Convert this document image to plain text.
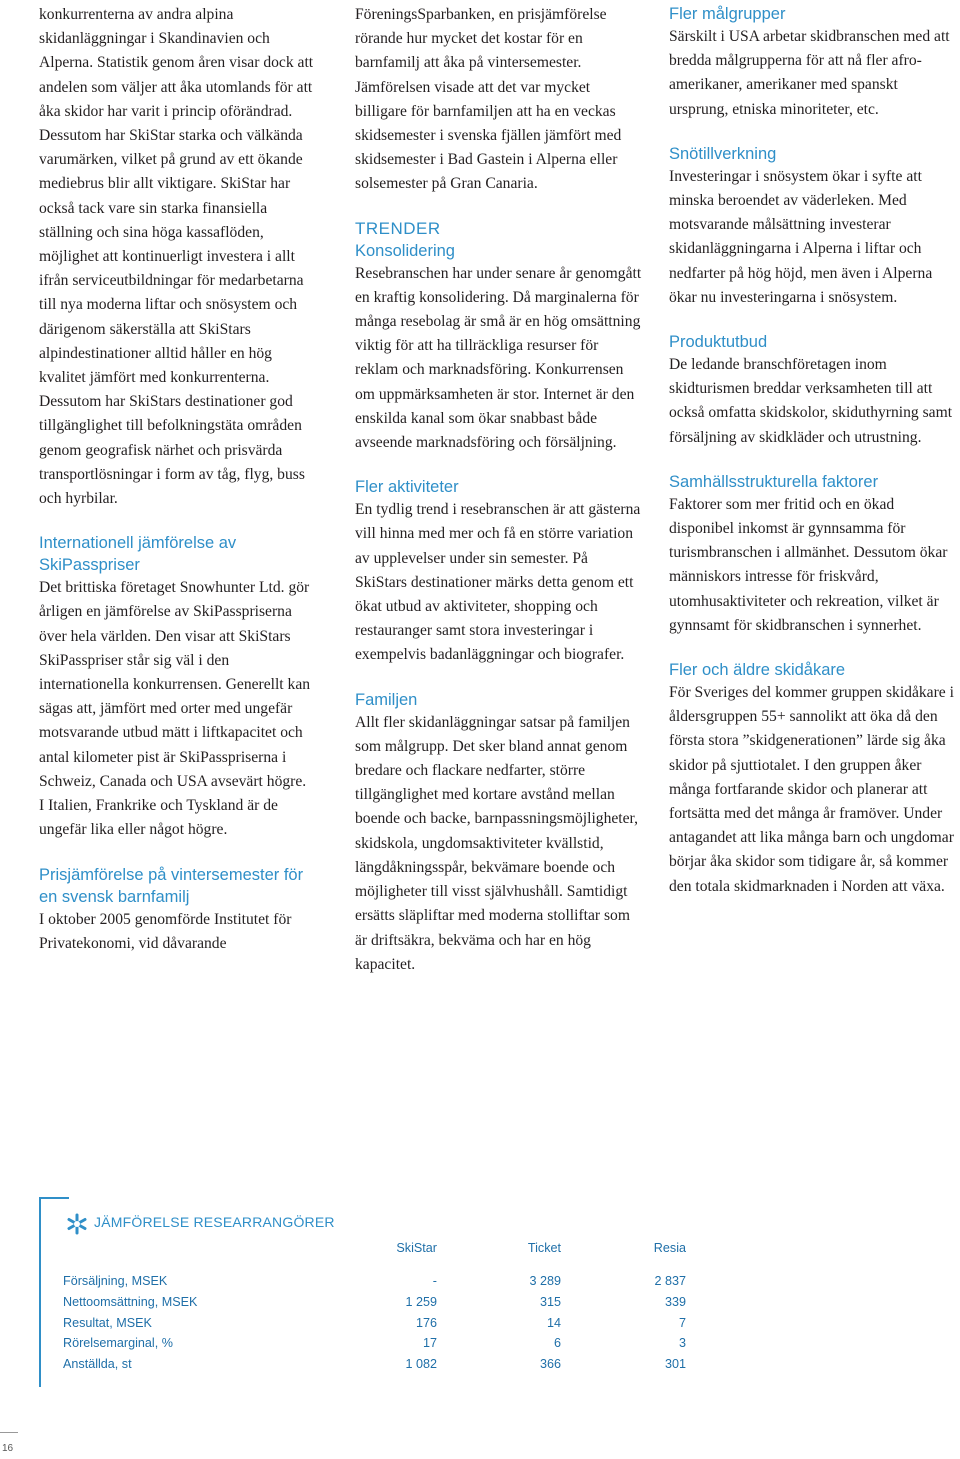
konkurrenterna av andra alpina skidanläggningar i Skandinavien och Alperna. Statistik genom åren visar dock att andelen som väljer att åka utomlands för att åka skidor har varit i princip oförändrad. Dessutom har SkiStar starka och välkända varumärken, vilket på grund av ett ökande mediebrus blir allt viktigare. SkiStar har också tack vare sin starka finansiella ställning och sina höga kassaflöden, möjlighet att kontinuerligt investera i allt ifrån serviceutbildningar för medarbetarna till nya moderna liftar och snösystem och därigenom säkerställa att SkiStars alpindestinationer alltid håller en hög kvalitet jämfört med konkurrenterna. Dessutom har SkiStars destinationer god tillgänglighet till befolkningstäta områden genom geografisk närhet och prisvärda transportlösningar i form av tåg, flyg, buss och hyrbilar.

Internationell jämförelse av SkiPasspriser

Det brittiska företaget Snowhunter Ltd. gör årligen en jämförelse av SkiPasspriserna över hela världen. Den visar att SkiStars SkiPasspriser står sig väl i den internationella konkurrensen. Generellt kan sägas att, jämfört med orter med ungefär motsvarande utbud mätt i liftkapacitet och antal kilometer pist är SkiPasspriserna i Schweiz, Canada och USA avsevärt högre. I Italien, Frankrike och Tyskland är de ungefär lika eller något högre.

Prisjämförelse på vintersemester för en svensk barnfamilj

I oktober 2005 genomförde Institutet för Privatekonomi, vid dåvarande

FöreningsSparbanken, en prisjämförelse rörande hur mycket det kostar för en barnfamilj att åka på vintersemester. Jämförelsen visade att det var mycket billigare för barnfamiljen att ha en veckas skidsemester i svenska fjällen jämfört med skidsemester i Bad Gastein i Alperna eller solsemester på Gran Canaria.

TRENDER
Konsolidering

Resebranschen har under senare år genomgått en kraftig konsolidering. Då marginalerna för många resebolag är små är en hög omsättning viktig för att ha tillräckliga resurser för reklam och marknadsföring. Konkurrensen om uppmärksamheten är stor. Internet är den enskilda kanal som ökar snabbast både avseende marknadsföring och försäljning.

Fler aktiviteter

En tydlig trend i resebranschen är att gästerna vill hinna med mer och få en större variation av upplevelser under sin semester. På SkiStars destinationer märks detta genom ett ökat utbud av aktiviteter, shopping och restauranger samt stora investeringar i exempelvis badanläggningar och biografer.

Familjen

Allt fler skidanläggningar satsar på familjen som målgrupp. Det sker bland annat genom bredare och flackare nedfarter, större tillgänglighet med kortare avstånd mellan boende och backe, barnpassningsmöjligheter, skidskola, ungdomsaktiviteter kvällstid, längdåkningsspår, bekvämare boende och möjligheter till visst självhushåll. Samtidigt ersätts släpliftar med moderna stolliftar som är driftsäkra, bekväma och har en hög kapacitet.

Fler målgrupper

Särskilt i USA arbetar skidbranschen med att bredda målgrupperna för att nå fler afro-amerikaner, amerikaner med spanskt ursprung, etniska minoriteter, etc.

Snötillverkning

Investeringar i snösystem ökar i syfte att minska beroendet av väderleken. Med motsvarande målsättning investerar skidanläggningarna i Alperna i liftar och nedfarter på hög höjd, men även i Alperna ökar nu investeringarna i snösystem.

Produktutbud

De ledande branschföretagen inom skidturismen breddar verksamheten till att också omfatta skidskolor, skiduthyrning samt försäljning av skidkläder och utrustning.

Samhällsstrukturella faktorer

Faktorer som mer fritid och en ökad disponibel inkomst är gynnsamma för turismbranschen i allmänhet. Dessutom ökar människors intresse för friskvård, utomhusaktiviteter och rekreation, vilket är gynnsamt för skidbranschen i synnerhet.

Fler och äldre skidåkare

För Sveriges del kommer gruppen skidåkare i åldersgruppen 55+ sannolikt att öka då den första stora ”skidgenerationen” lärde sig åka skidor på sjuttiotalet. I den gruppen åker många fortfarande skidor och planerar att fortsätta med det många år framöver. Under antagandet att lika många barn och ungdomar börjar åka skidor som tidigare år, så kommer den totala skidmarknaden i Norden att växa.

JÄMFÖRELSE RESEARRANGÖRER
	SkiStar	Ticket	Resia

Försäljning, MSEK	-	3 289	2 837
Nettoomsättning, MSEK	1 259	315	339
Resultat, MSEK	176	14	7
Rörelsemarginal, %	17	6	3
Anställda, st	1 082	366	301
16
